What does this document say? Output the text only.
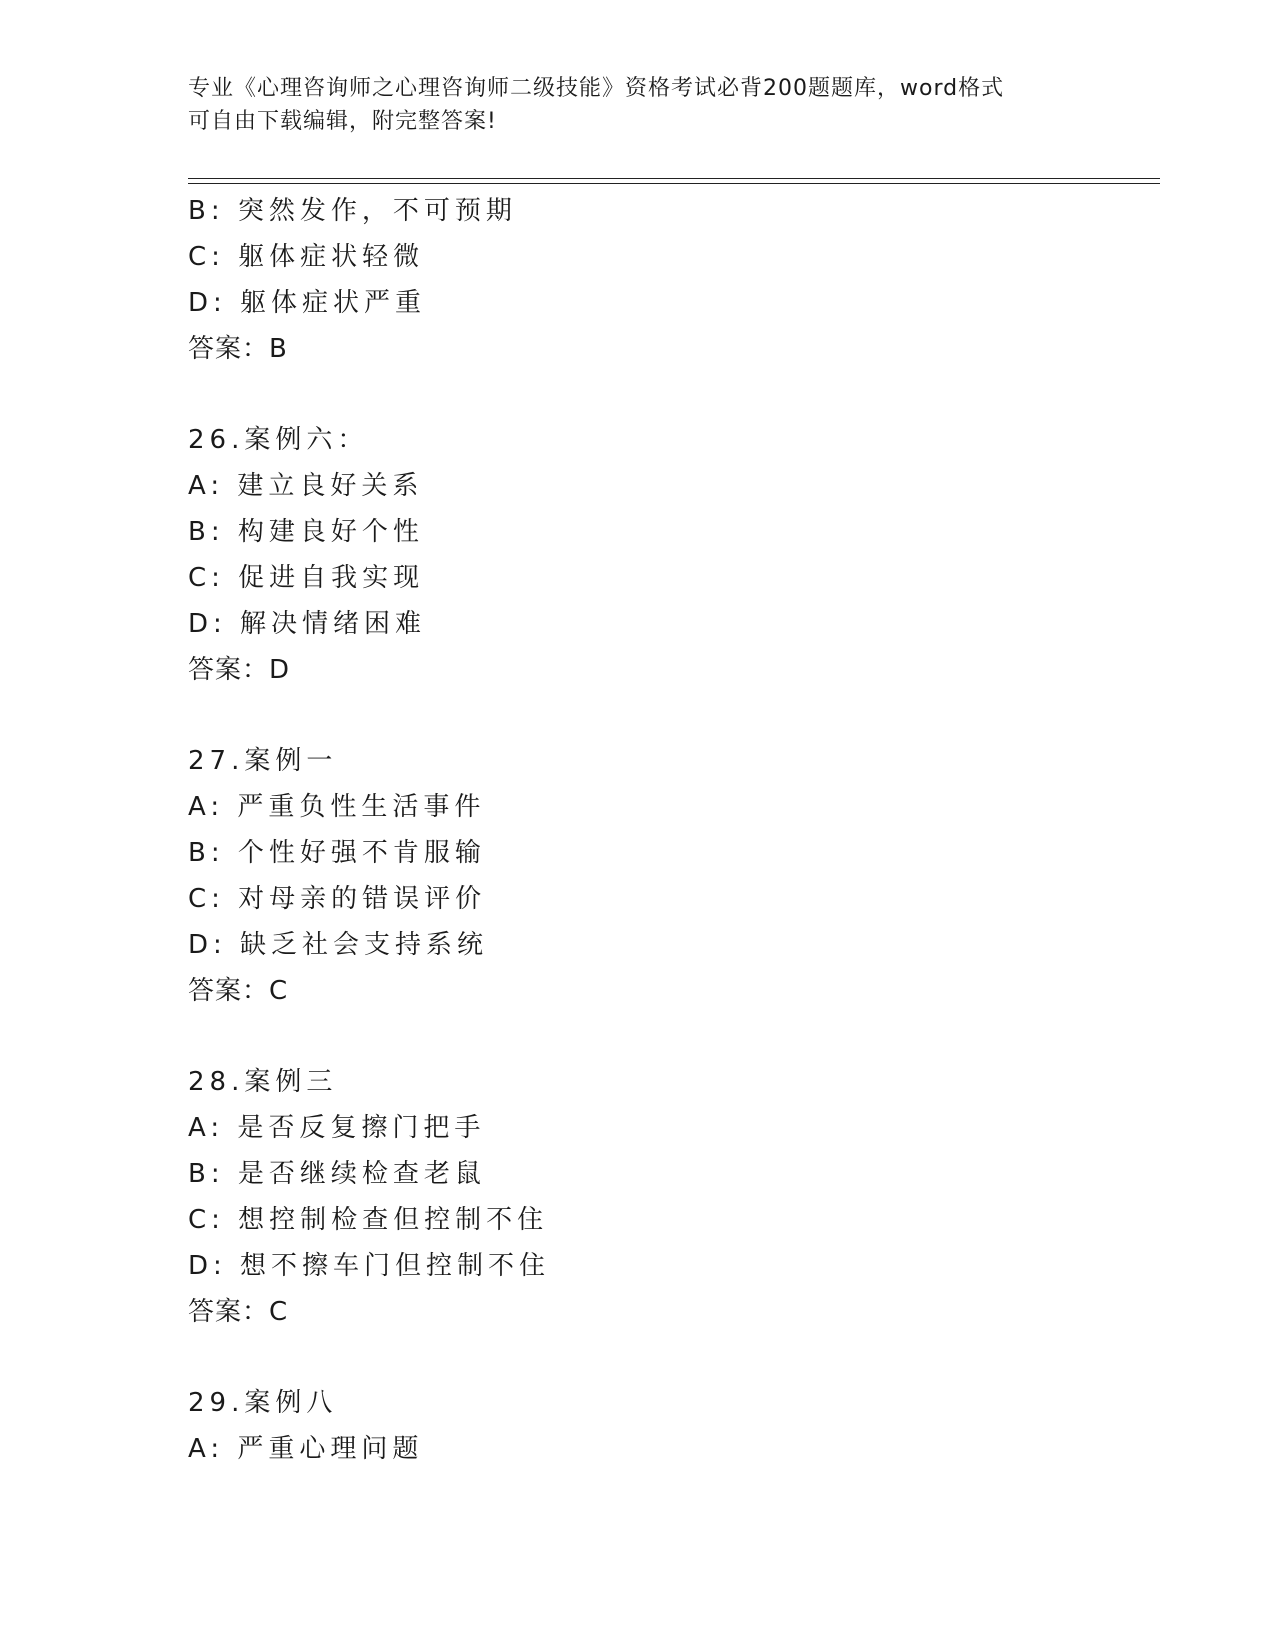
专业《心理咨询师之心理咨询师二级技能》资格考试必背200题题库，word格式
可自由下载编辑，附完整答案!
B: 突然发作，不可预期
C: 躯体症状轻微
D: 躯体症状严重
答案：B
26.案例六：
A: 建立良好关系
B: 构建良好个性
C: 促进自我实现
D: 解决情绪困难
答案：D
27.案例一
A: 严重负性生活事件
B: 个性好强不肯服输
C: 对母亲的错误评价
D: 缺乏社会支持系统
答案：C
28.案例三
A: 是否反复擦门把手
B: 是否继续检查老鼠
C: 想控制检查但控制不住
D: 想不擦车门但控制不住
答案：C
29.案例八
A: 严重心理问题
